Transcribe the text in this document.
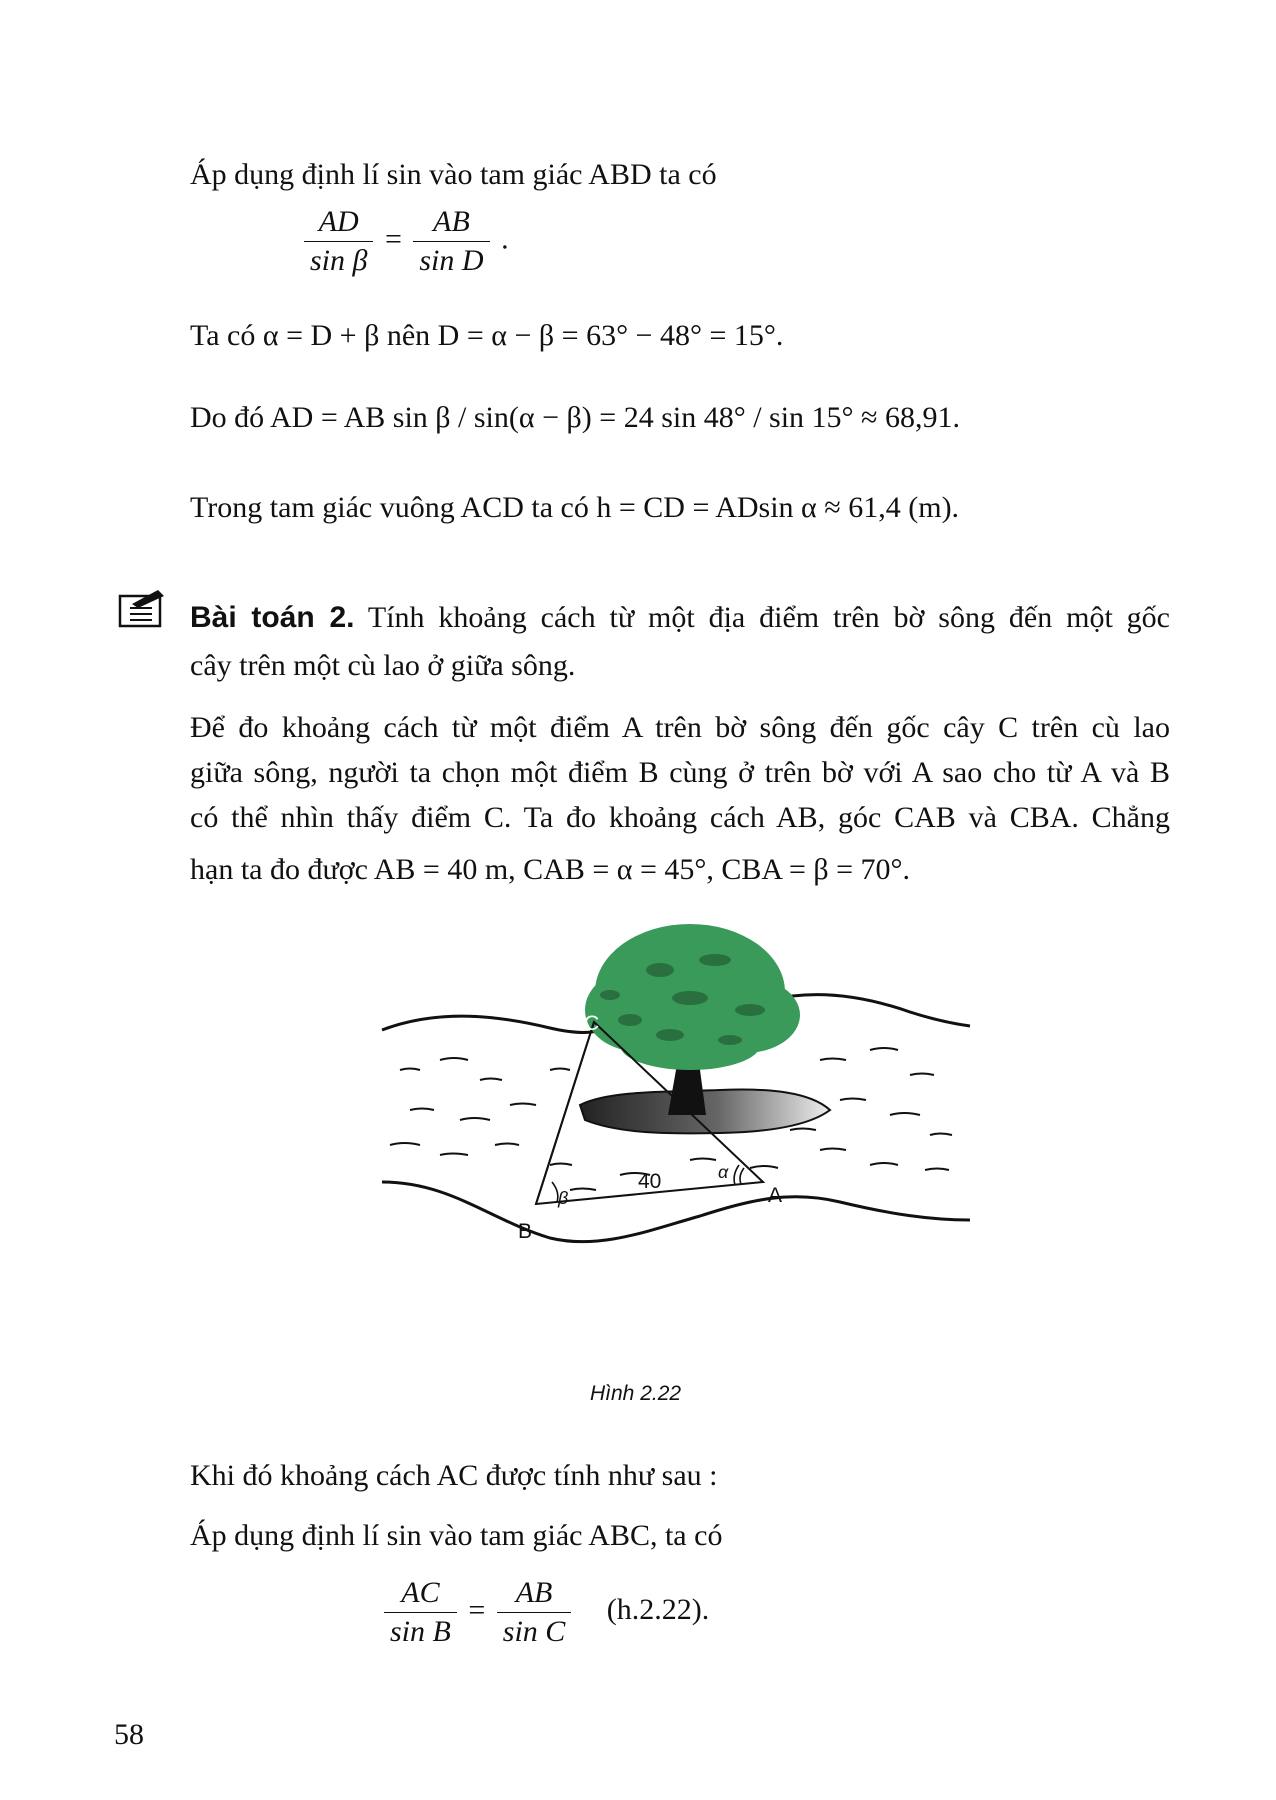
Áp dụng định lí sin vào tam giác ABD ta có
$\frac{AD}{\text{sin β}} = \frac{AB}{\text{sin D}}$ .
Ta có α = D + β nên D = α − β = 63° − 48° = 15°.
Do đó AD = AB sin β / sin(α − β) = 24 sin 48° / sin 15° ≈ 68,91.
Trong tam giác vuông ACD ta có h = CD = ADsin α ≈ 61,4 (m).
Bài toán 2. Tính khoảng cách từ một địa điểm trên bờ sông đến một gốc
cây trên một cù lao ở giữa sông.
Để đo khoảng cách từ một điểm A trên bờ sông đến gốc cây C trên cù lao
giữa sông, người ta chọn một điểm B cùng ở trên bờ với A sao cho từ A và B
có thể nhìn thấy điểm C. Ta đo khoảng cách AB, góc CAB và CBA. Chẳng
hạn ta đo được AB = 40 m, CAB = α = 45°, CBA = β = 70°.
C
A
B
40	α
β
Hình 2.22
Khi đó khoảng cách AC được tính như sau :
Áp dụng định lí sin vào tam giác ABC, ta có
$\frac{AC}{\text{sin B}} = \frac{AB}{\text{sin C}} (h.2.22)$.
58
